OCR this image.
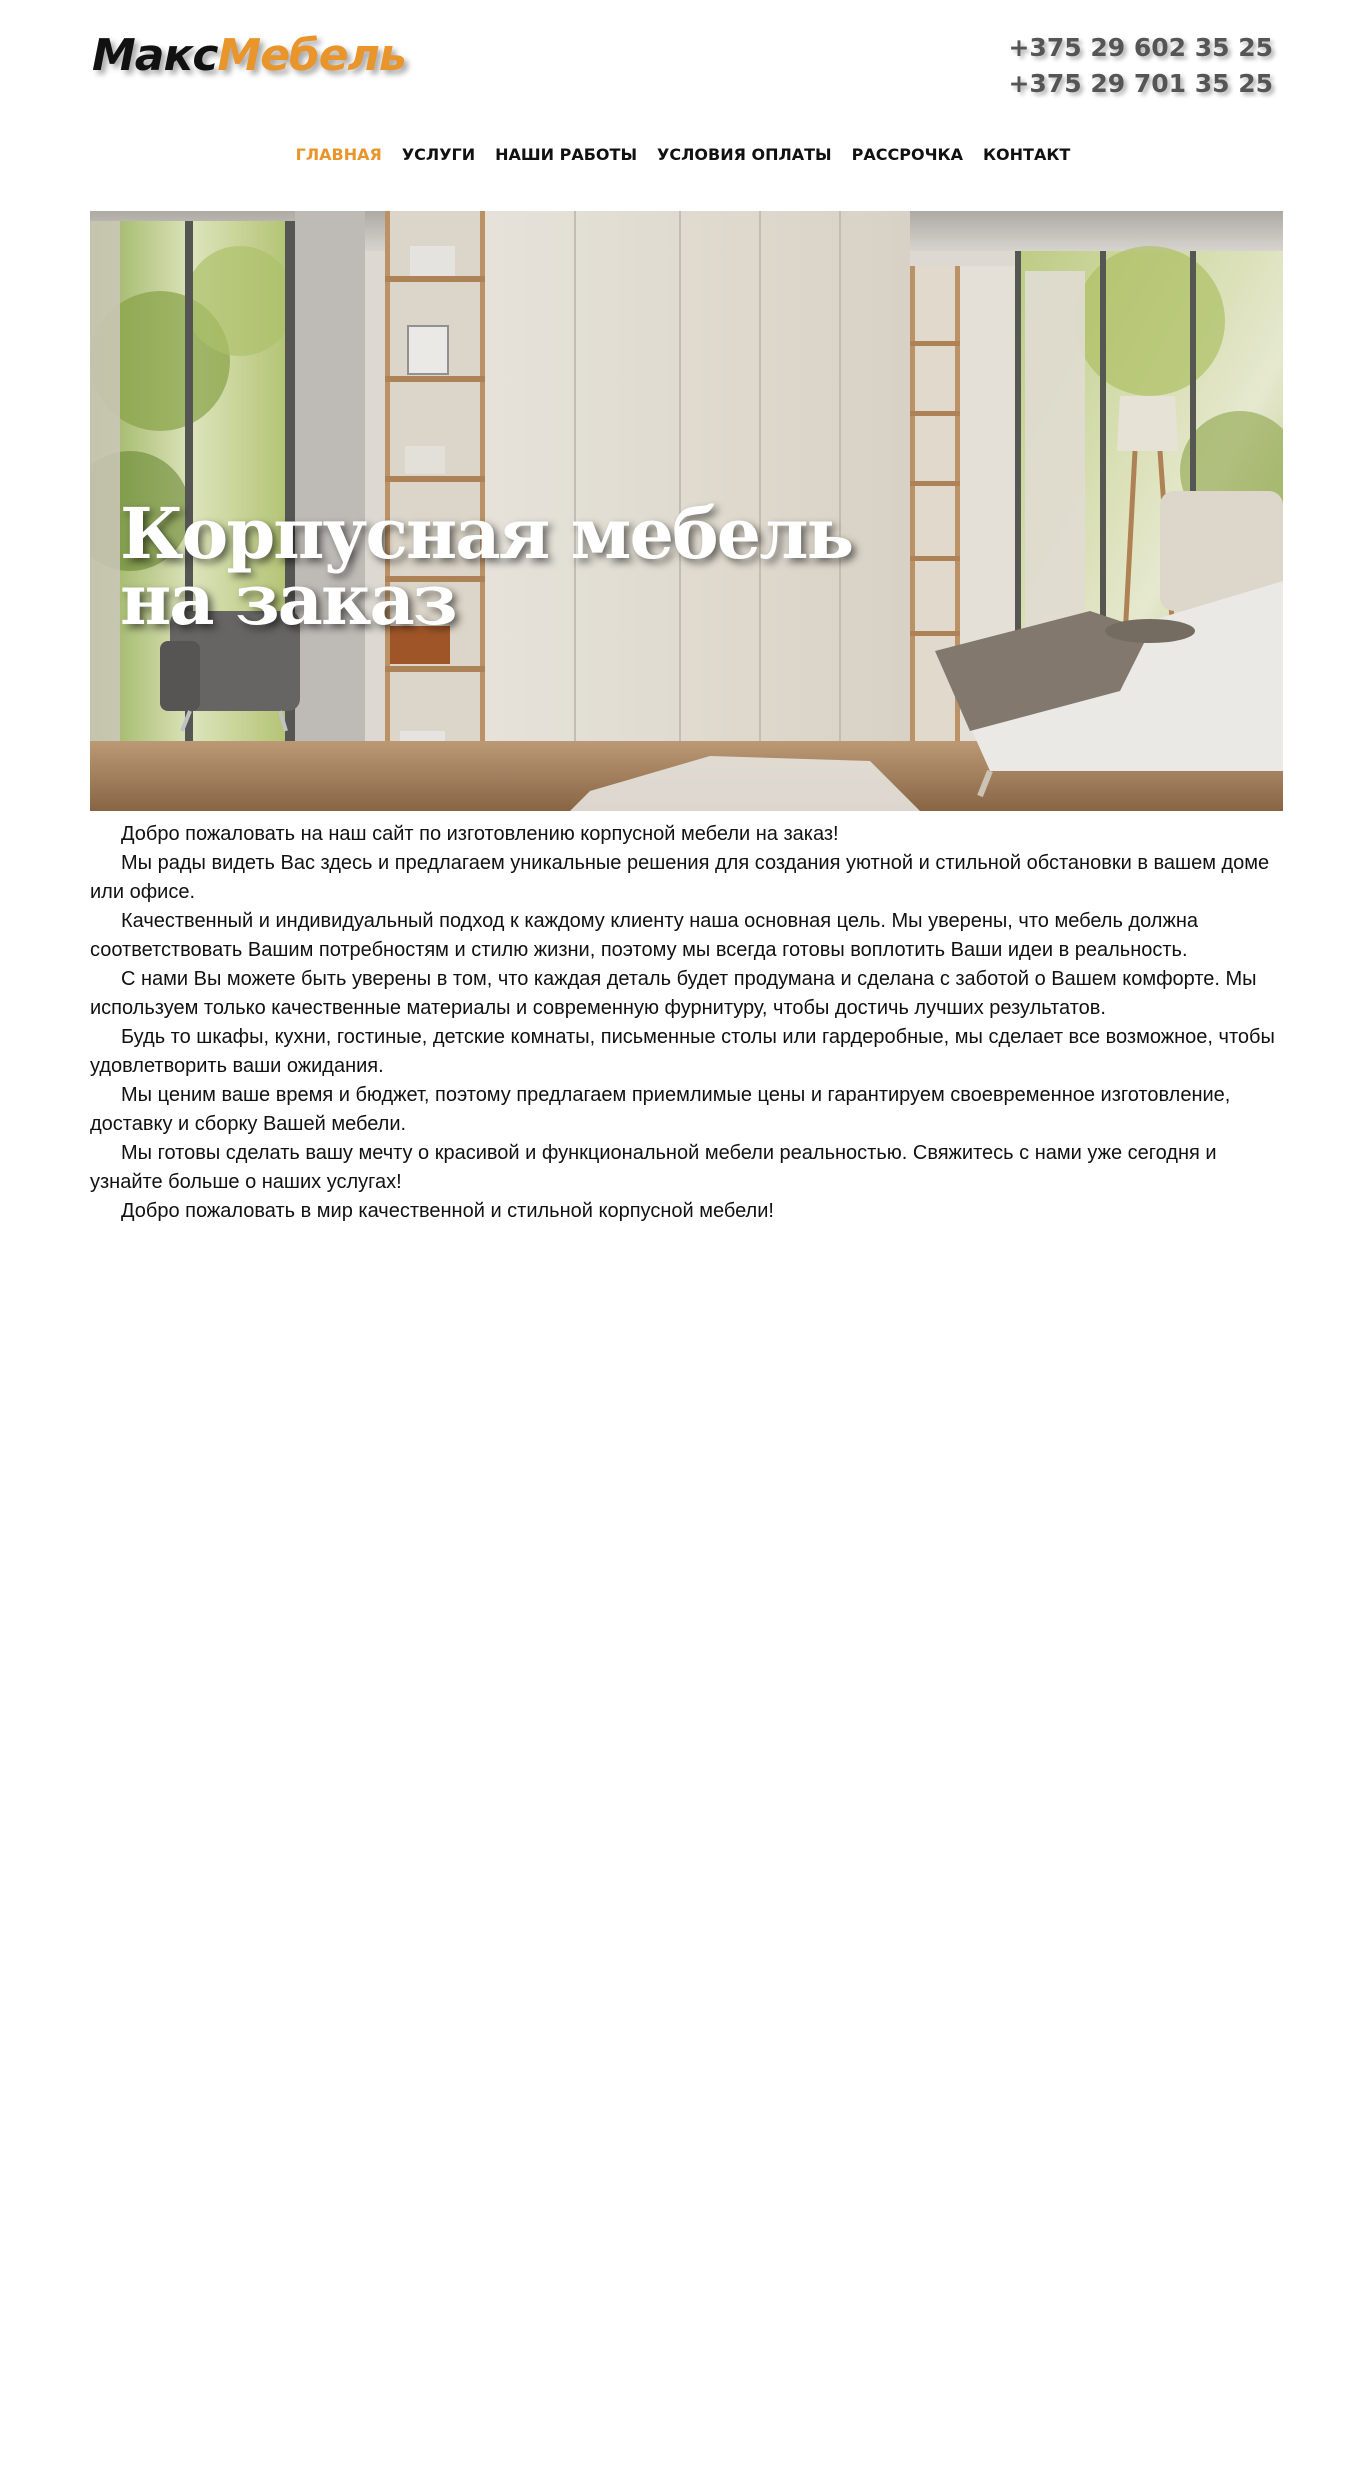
МаксМебель	+375 29 602 35 25
+375 29 701 35 25
ГЛАВНАЯ УСЛУГИ НАШИ РАБОТЫ УСЛОВИЯ ОПЛАТЫ РАССРОЧКА КОНТАКТ
Корпусная мебель
на заказ

Добро пожаловать на наш сайт по изготовлению корпусной мебели на заказ!

Мы рады видеть Вас здесь и предлагаем уникальные решения для создания уютной и стильной обстановки в вашем доме или офисе.

Качественный и индивидуальный подход к каждому клиенту наша основная цель. Мы уверены, что мебель должна соответствовать Вашим потребностям и стилю жизни, поэтому мы всегда готовы воплотить Ваши идеи в реальность.

С нами Вы можете быть уверены в том, что каждая деталь будет продумана и сделана с заботой о Вашем комфорте. Мы используем только качественные материалы и современную фурнитуру, чтобы достичь лучших результатов.

Будь то шкафы, кухни, гостиные, детские комнаты, письменные столы или гардеробные, мы сделает все возможное, чтобы удовлетворить ваши ожидания.

Мы ценим ваше время и бюджет, поэтому предлагаем приемлимые цены и гарантируем своевременное изготовление, доставку и сборку Вашей мебели.

Мы готовы сделать вашу мечту о красивой и функциональной мебели реальностью. Свяжитесь с нами уже сегодня и узнайте больше о наших услугах!

Добро пожаловать в мир качественной и стильной корпусной мебели!
